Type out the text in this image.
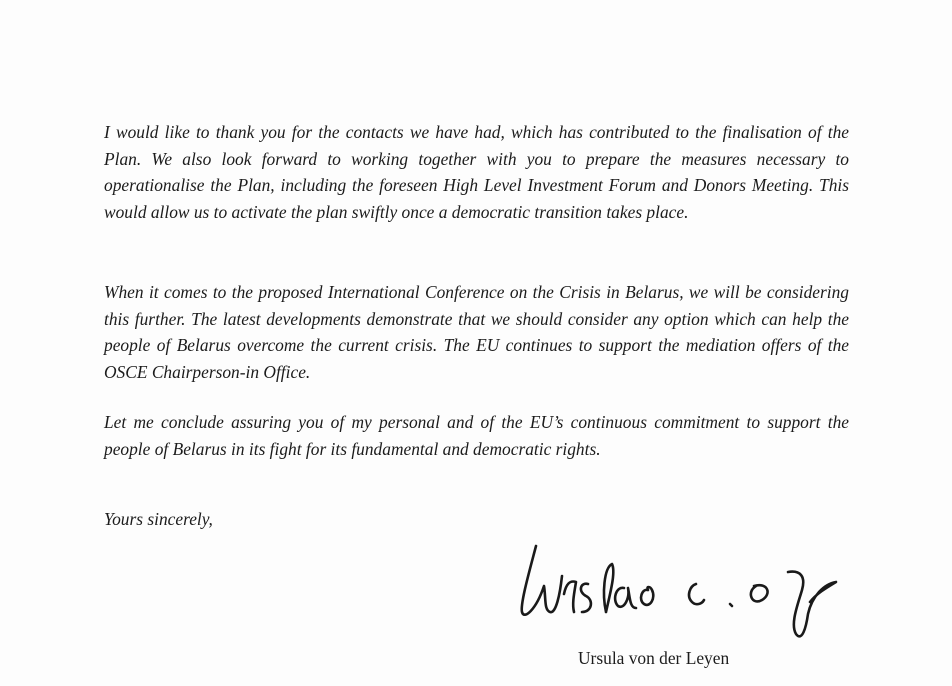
I would like to thank you for the contacts we have had, which has contributed to the finalisation of the Plan. We also look forward to working together with you to prepare the measures necessary to operationalise the Plan, including the foreseen High Level Investment Forum and Donors Meeting. This would allow us to activate the plan swiftly once a democratic transition takes place.

When it comes to the proposed International Conference on the Crisis in Belarus, we will be considering this further. The latest developments demonstrate that we should consider any option which can help the people of Belarus overcome the current crisis. The EU continues to support the mediation offers of the OSCE Chairperson-in Office.

Let me conclude assuring you of my personal and of the EU’s continuous commitment to support the people of Belarus in its fight for its fundamental and democratic rights.

Yours sincerely,
Ursula von der Leyen
